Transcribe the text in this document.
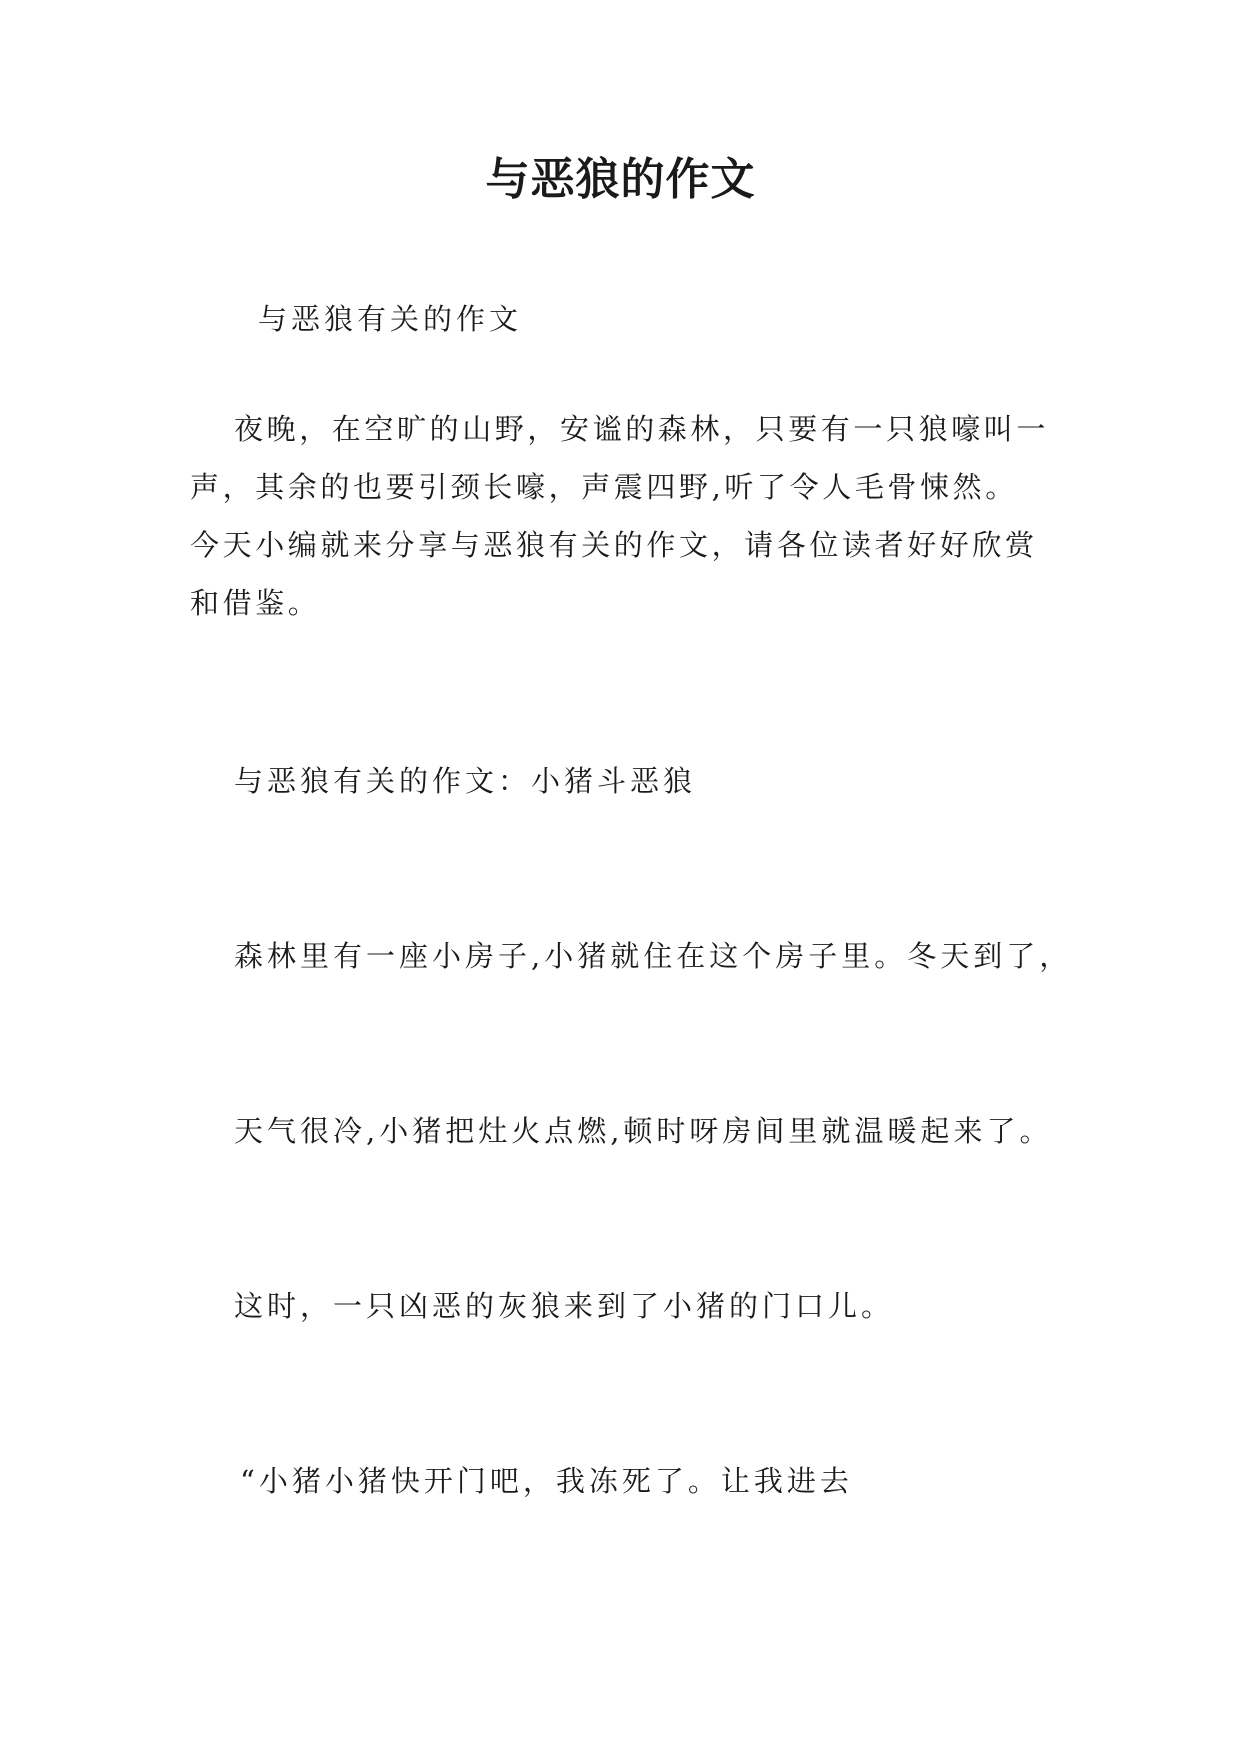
与恶狼的作文

与恶狼有关的作文

夜晚，在空旷的山野，安谧的森林，只要有一只狼嚎叫一
声，其余的也要引颈长嚎，声震四野,听了令人毛骨悚然。
今天小编就来分享与恶狼有关的作文，请各位读者好好欣赏
和借鉴。

与恶狼有关的作文：小猪斗恶狼

森林里有一座小房子,小猪就住在这个房子里。冬天到了，

天气很冷,小猪把灶火点燃,顿时呀房间里就温暖起来了。

这时，一只凶恶的灰狼来到了小猪的门口儿。

“小猪小猪快开门吧，我冻死了。让我进去
